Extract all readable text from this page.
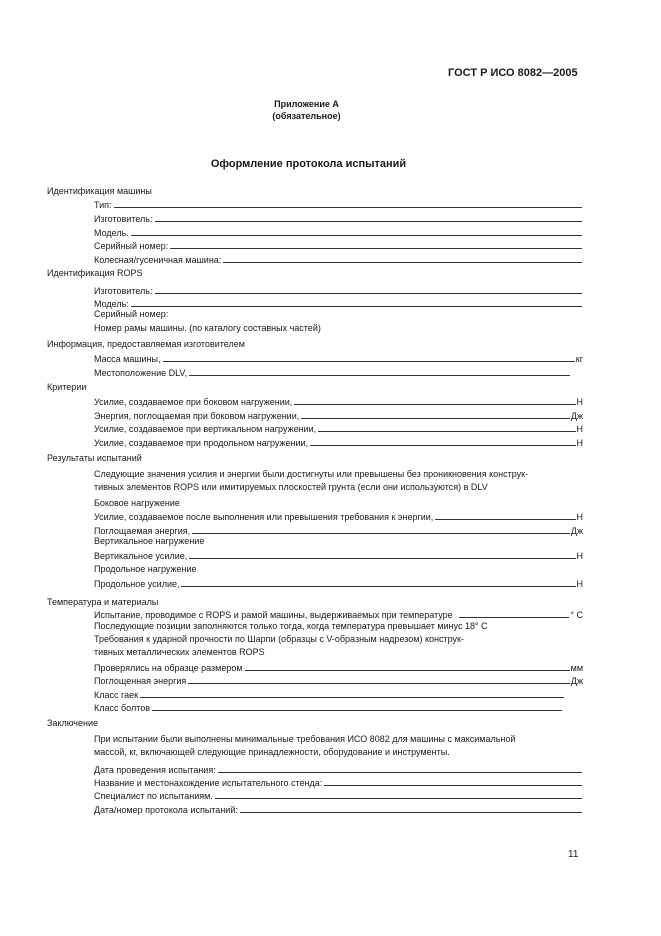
ГОСТ Р ИСО 8082—2005
Приложение А
(обязательное)
Оформление протокола испытаний
Идентификация машины
Тип:
Изготовитель:
Модель.
Серийный номер:
Колесная/гусеничная машина:
Идентификация ROPS
Изготовитель:
Модель:
Серийный номер:
Номер рамы машины. (по каталогу составных частей)
Информация, предоставляемая изготовителем
Масса машины,	кг
Местоположение DLV,
Критерии
Усилие, создаваемое при боковом нагружении,	Н
Энергия, поглощаемая при боковом нагружении,	Дж
Усилие, создаваемое при вертикальном нагружении,	Н
Усилие, создаваемое при продольном нагружении,	Н
Результаты испытаний
Следующие значения усилия и энергии были достигнуты или превышены без проникновения конструк-
тивных элементов ROPS или имитируемых плоскостей грунта (если они используются) в DLV
Боковое нагружение
Усилие, создаваемое после выполнения или превышения требования к энергии,	Н
Поглощаемая энергия,	Дж
Вертикальное нагружение
Вертикальное усилие,	Н
Продольное нагружение
Продольное усилие,	Н
Температура и материалы
Испытание, проводимое с ROPS и рамой машины, выдерживаемых при температуре	° С
Последующие позиции заполняются только тогда, когда температура превышает минус 18° С
Требования к ударной прочности по Шарпи (образцы с V-образным надрезом) конструк-
тивных металлических элементов ROPS
Проверялись на образце размером	мм
Поглощенная энергия	Дж
Класс гаек
Класс болтов
Заключение
При испытании были выполнены минимальные требования ИСО 8082 для машины с максимальной
массой, кг, включающей следующие принадлежности, оборудование и инструменты.
Дата проведения испытания:
Название и местонахождение испытательного стенда:
Специалист по испытаниям.
Дата/номер протокола испытаний:
11
